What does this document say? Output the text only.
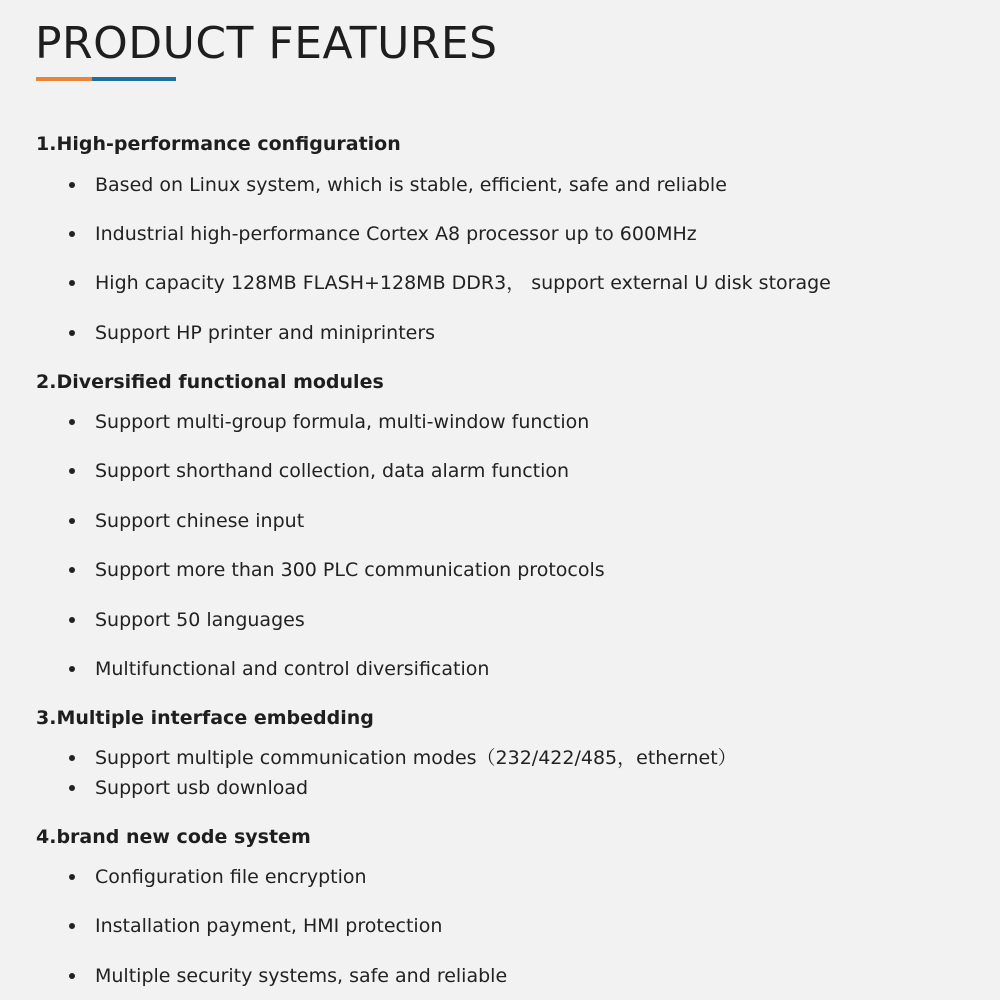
PRODUCT FEATURES
1.High-performance configuration
Based on Linux system, which is stable, efficient, safe and reliable
Industrial high-performance Cortex A8 processor up to 600MHz
High capacity 128MB FLASH+128MB DDR3， support external U disk storage
Support HP printer and miniprinters
2.Diversified functional modules
Support multi-group formula, multi-window function
Support shorthand collection, data alarm function
Support chinese input
Support more than 300 PLC communication protocols
Support 50 languages
Multifunctional and control diversification
3.Multiple interface embedding
Support multiple communication modes（232/422/485，ethernet）
Support usb download
4.brand new code system
Configuration file encryption
Installation payment, HMI protection
Multiple security systems, safe and reliable
